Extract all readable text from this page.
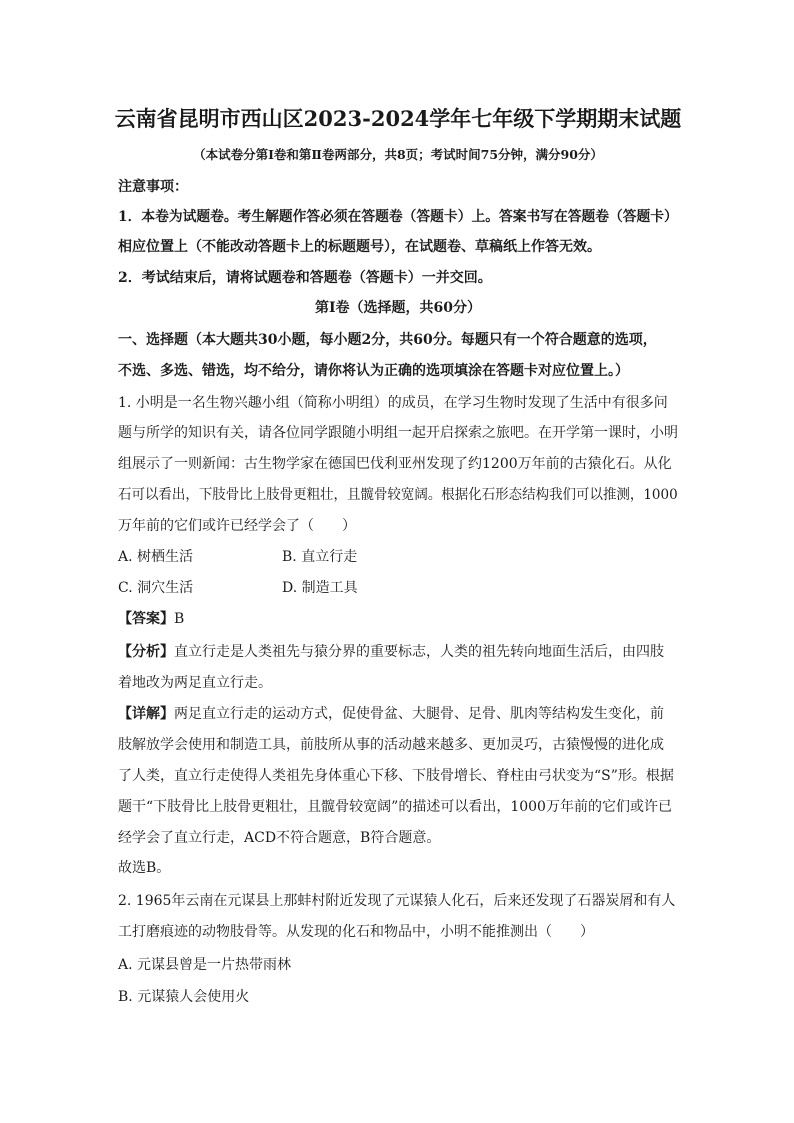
云南省昆明市西山区2023-2024学年七年级下学期期末试题
（本试卷分第Ⅰ卷和第Ⅱ卷两部分，共8页；考试时间75分钟，满分90分）
注意事项：
1．本卷为试题卷。考生解题作答必须在答题卷（答题卡）上。答案书写在答题卷（答题卡）
相应位置上（不能改动答题卡上的标题题号），在试题卷、草稿纸上作答无效。
2．考试结束后，请将试题卷和答题卷（答题卡）一并交回。
第Ⅰ卷（选择题，共60分）
一、选择题（本大题共30小题，每小题2分，共60分。每题只有一个符合题意的选项，
不选、多选、错选，均不给分，请你将认为正确的选项填涂在答题卡对应位置上。）
1. 小明是一名生物兴趣小组（简称小明组）的成员，在学习生物时发现了生活中有很多问
题与所学的知识有关，请各位同学跟随小明组一起开启探索之旅吧。在开学第一课时，小明
组展示了一则新闻：古生物学家在德国巴伐利亚州发现了约1200万年前的古猿化石。从化
石可以看出，下肢骨比上肢骨更粗壮，且髋骨较宽阔。根据化石形态结构我们可以推测，1000
万年前的它们或许已经学会了（　　）
A. 树栖生活	B. 直立行走
C. 洞穴生活	D. 制造工具
【答案】B
【分析】直立行走是人类祖先与猿分界的重要标志，人类的祖先转向地面生活后，由四肢
着地改为两足直立行走。
【详解】两足直立行走的运动方式，促使骨盆、大腿骨、足骨、肌肉等结构发生变化，前
肢解放学会使用和制造工具，前肢所从事的活动越来越多、更加灵巧，古猿慢慢的进化成
了人类，直立行走使得人类祖先身体重心下移、下肢骨增长、脊柱由弓状变为“S”形。根据
题干“下肢骨比上肢骨更粗壮，且髋骨较宽阔”的描述可以看出，1000万年前的它们或许已
经学会了直立行走，ACD不符合题意，B符合题意。
故选B。
2. 1965年云南在元谋县上那蚌村附近发现了元谋猿人化石，后来还发现了石器炭屑和有人
工打磨痕迹的动物肢骨等。从发现的化石和物品中，小明不能推测出（　　）
A. 元谋县曾是一片热带雨林
B. 元谋猿人会使用火
